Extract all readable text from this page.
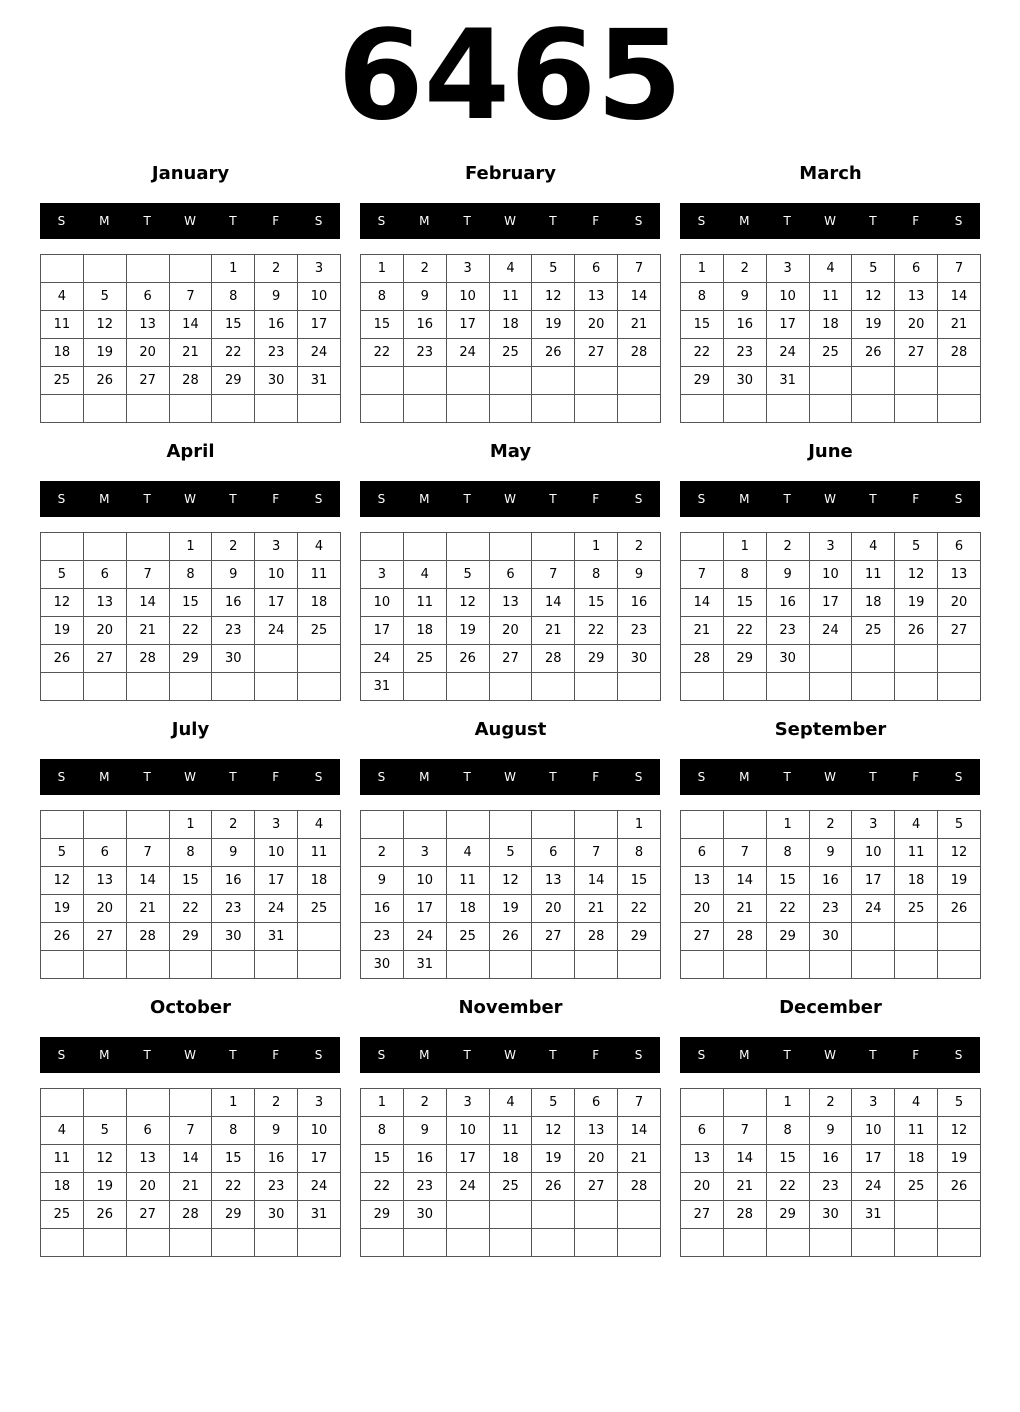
6465
January
S	M	T	W	T	F	S
				1	2	3
4	5	6	7	8	9	10
11	12	13	14	15	16	17
18	19	20	21	22	23	24
25	26	27	28	29	30	31

February
S	M	T	W	T	F	S
1	2	3	4	5	6	7
8	9	10	11	12	13	14
15	16	17	18	19	20	21
22	23	24	25	26	27	28

March
S	M	T	W	T	F	S
1	2	3	4	5	6	7
8	9	10	11	12	13	14
15	16	17	18	19	20	21
22	23	24	25	26	27	28
29	30	31				

April
S	M	T	W	T	F	S
			1	2	3	4
5	6	7	8	9	10	11
12	13	14	15	16	17	18
19	20	21	22	23	24	25
26	27	28	29	30		

May
S	M	T	W	T	F	S
					1	2
3	4	5	6	7	8	9
10	11	12	13	14	15	16
17	18	19	20	21	22	23
24	25	26	27	28	29	30
31						
June
S	M	T	W	T	F	S
	1	2	3	4	5	6
7	8	9	10	11	12	13
14	15	16	17	18	19	20
21	22	23	24	25	26	27
28	29	30				

July
S	M	T	W	T	F	S
			1	2	3	4
5	6	7	8	9	10	11
12	13	14	15	16	17	18
19	20	21	22	23	24	25
26	27	28	29	30	31	

August
S	M	T	W	T	F	S
						1
2	3	4	5	6	7	8
9	10	11	12	13	14	15
16	17	18	19	20	21	22
23	24	25	26	27	28	29
30	31					
September
S	M	T	W	T	F	S
		1	2	3	4	5
6	7	8	9	10	11	12
13	14	15	16	17	18	19
20	21	22	23	24	25	26
27	28	29	30			

October
S	M	T	W	T	F	S
				1	2	3
4	5	6	7	8	9	10
11	12	13	14	15	16	17
18	19	20	21	22	23	24
25	26	27	28	29	30	31

November
S	M	T	W	T	F	S
1	2	3	4	5	6	7
8	9	10	11	12	13	14
15	16	17	18	19	20	21
22	23	24	25	26	27	28
29	30					

December
S	M	T	W	T	F	S
		1	2	3	4	5
6	7	8	9	10	11	12
13	14	15	16	17	18	19
20	21	22	23	24	25	26
27	28	29	30	31		
